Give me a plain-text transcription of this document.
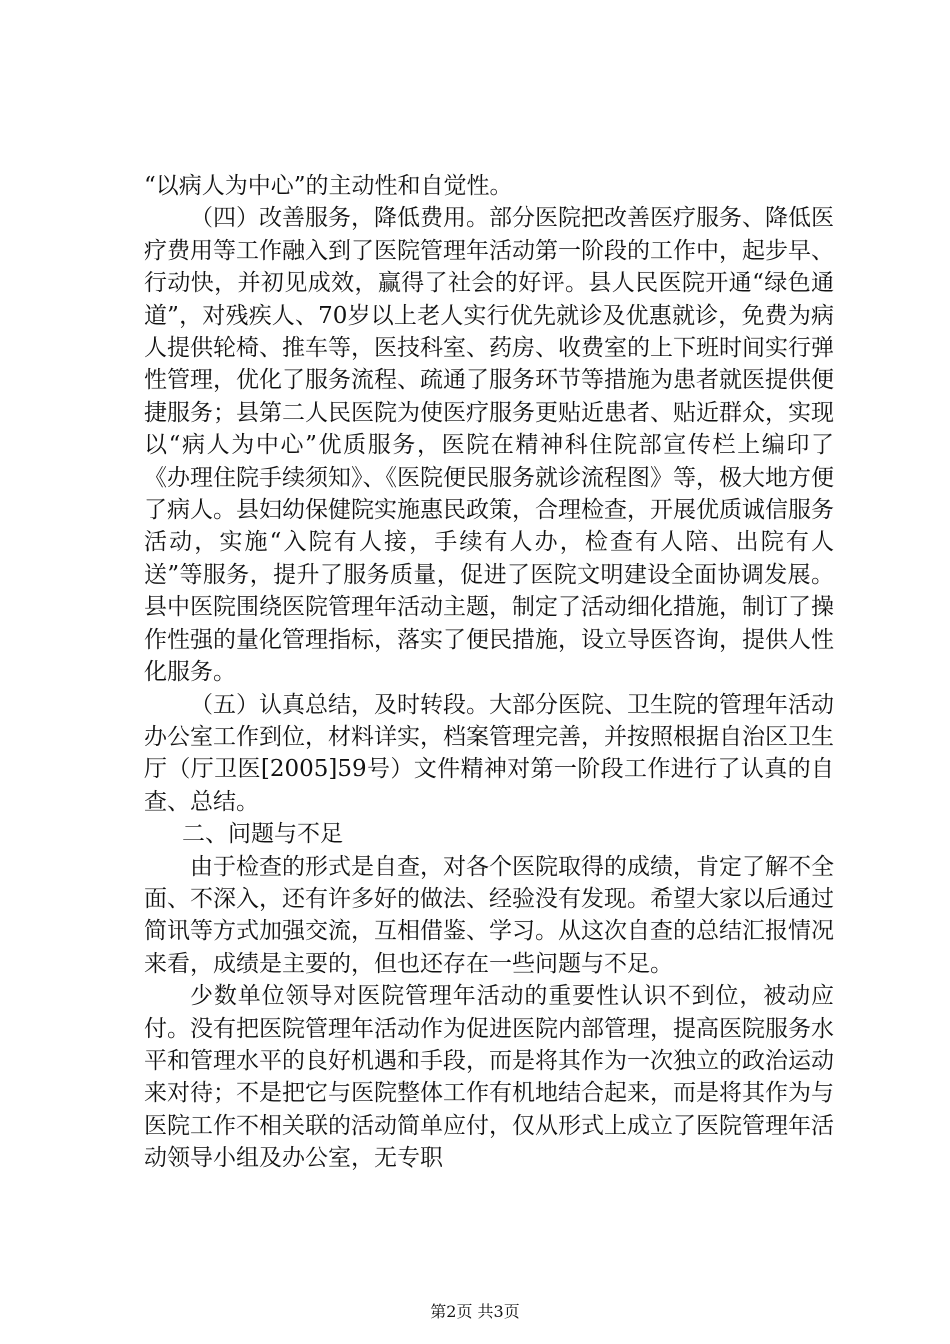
“以病人为中心”的主动性和自觉性。

（四）改善服务，降低费用。部分医院把改善医疗服务、降低医疗费用等工作融入到了医院管理年活动第一阶段的工作中，起步早、行动快，并初见成效，赢得了社会的好评。县人民医院开通“绿色通道”，对残疾人、70岁以上老人实行优先就诊及优惠就诊，免费为病人提供轮椅、推车等，医技科室、药房、收费室的上下班时间实行弹性管理，优化了服务流程、疏通了服务环节等措施为患者就医提供便捷服务；县第二人民医院为使医疗服务更贴近患者、贴近群众，实现以“病人为中心”优质服务，医院在精神科住院部宣传栏上编印了《办理住院手续须知》、《医院便民服务就诊流程图》等，极大地方便了病人。县妇幼保健院实施惠民政策，合理检查，开展优质诚信服务活动，实施“入院有人接，手续有人办，检查有人陪、出院有人送”等服务，提升了服务质量，促进了医院文明建设全面协调发展。县中医院围绕医院管理年活动主题，制定了活动细化措施，制订了操作性强的量化管理指标，落实了便民措施，设立导医咨询，提供人性化服务。

（五）认真总结，及时转段。大部分医院、卫生院的管理年活动办公室工作到位，材料详实，档案管理完善，并按照根据自治区卫生厅（厅卫医[2005]59号）文件精神对第一阶段工作进行了认真的自查、总结。

二、问题与不足

由于检查的形式是自查，对各个医院取得的成绩，肯定了解不全面、不深入，还有许多好的做法、经验没有发现。希望大家以后通过简讯等方式加强交流，互相借鉴、学习。从这次自查的总结汇报情况来看，成绩是主要的，但也还存在一些问题与不足。

少数单位领导对医院管理年活动的重要性认识不到位，被动应付。没有把医院管理年活动作为促进医院内部管理，提高医院服务水平和管理水平的良好机遇和手段，而是将其作为一次独立的政治运动来对待；不是把它与医院整体工作有机地结合起来，而是将其作为与医院工作不相关联的活动简单应付，仅从形式上成立了医院管理年活动领导小组及办公室，无专职

第2页 共3页
